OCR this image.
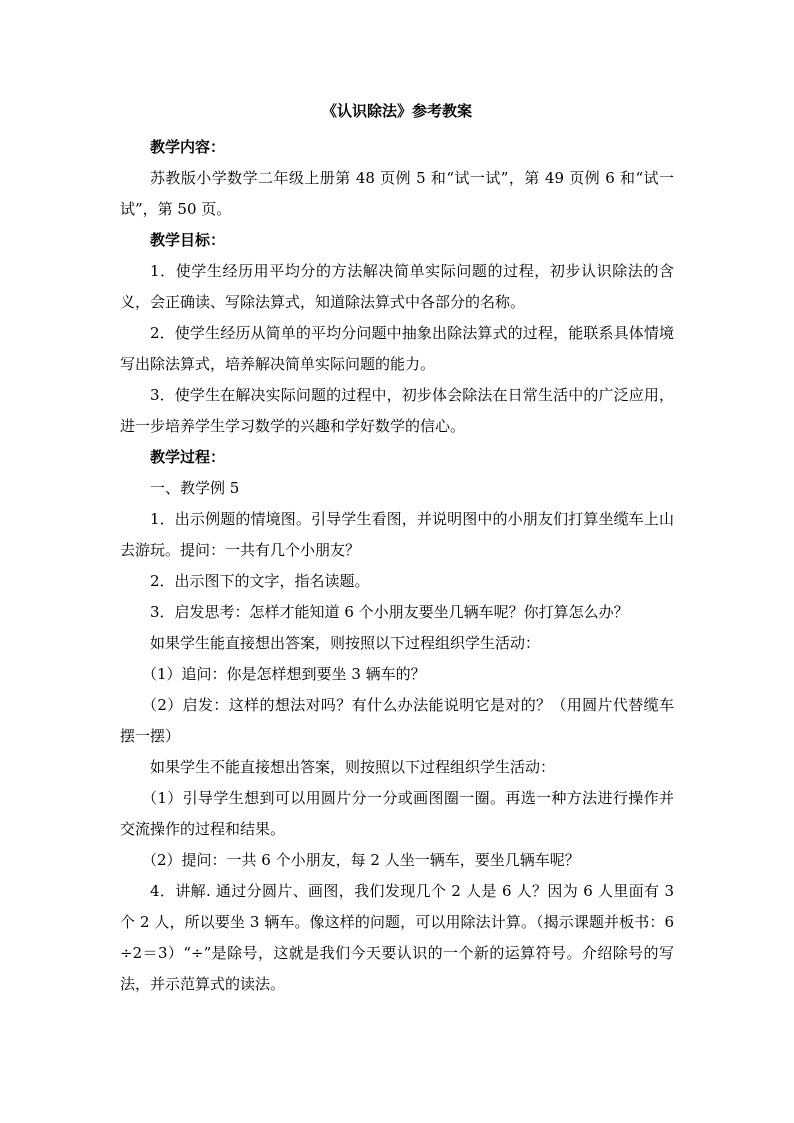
《认识除法》参考教案

教学内容：

苏教版小学数学二年级上册第 48 页例 5 和“试一试”，第 49 页例 6 和“试一试”，第 50 页。

教学目标：

1．使学生经历用平均分的方法解决简单实际问题的过程，初步认识除法的含义，会正确读、写除法算式，知道除法算式中各部分的名称。

2．使学生经历从简单的平均分问题中抽象出除法算式的过程，能联系具体情境写出除法算式，培养解决简单实际问题的能力。

3．使学生在解决实际问题的过程中，初步体会除法在日常生活中的广泛应用，进一步培养学生学习数学的兴趣和学好数学的信心。

教学过程：

一、教学例 5

1．出示例题的情境图。引导学生看图，并说明图中的小朋友们打算坐缆车上山去游玩。提问：一共有几个小朋友？

2．出示图下的文字，指名读题。

3．启发思考：怎样才能知道 6 个小朋友要坐几辆车呢？你打算怎么办？

如果学生能直接想出答案，则按照以下过程组织学生活动：

（1）追问：你是怎样想到要坐 3 辆车的？

（2）启发：这样的想法对吗？有什么办法能说明它是对的？（用圆片代替缆车摆一摆）

如果学生不能直接想出答案，则按照以下过程组织学生活动：

（1）引导学生想到可以用圆片分一分或画图圈一圈。再选一种方法进行操作并交流操作的过程和结果。

（2）提问：一共 6 个小朋友，每 2 人坐一辆车，要坐几辆车呢？

4．讲解. 通过分圆片、画图，我们发现几个 2 人是 6 人？因为 6 人里面有 3 个 2 人，所以要坐 3 辆车。像这样的问题，可以用除法计算。（揭示课题并板书：6÷2＝3）“÷”是除号，这就是我们今天要认识的一个新的运算符号。介绍除号的写法，并示范算式的读法。
